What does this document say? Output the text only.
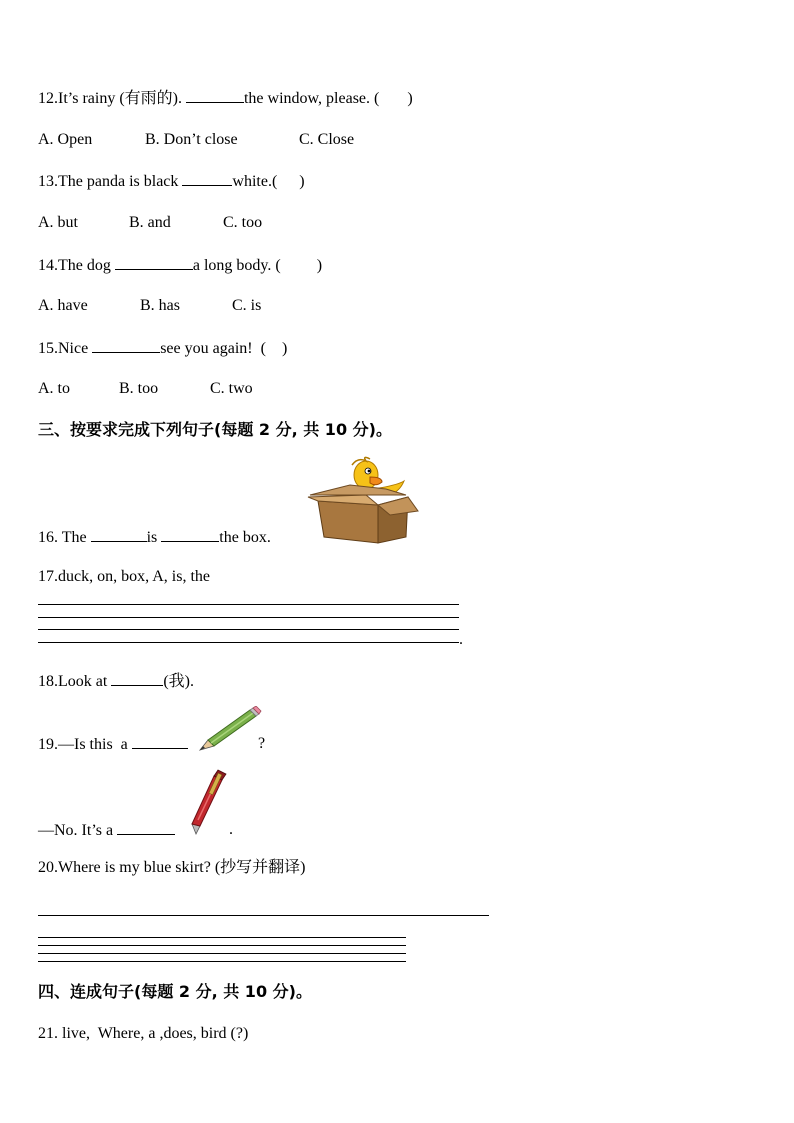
12.It’s rainy (有雨的).	the window, please. ( )
A. Open	B. Don’t close	C. Close
13.The panda is black	white.( )
A. but	B. and	C. too
14.The dog	a long body. ( )
A. have	B. has	C. is
15.Nice	see you again!  ( )
A. to	B. too	C. two
三、按要求完成下列句子(每题 2 分, 共 10 分)。
16. The	is	the box.
17.duck, on, box, A, is, the
.
18.Look at	(我).
19.—Is this  a	?
—No. It’s a	.
20.Where is my blue skirt? (抄写并翻译)
四、连成句子(每题 2 分, 共 10 分)。
21. live,  Where, a ,does, bird (?)
